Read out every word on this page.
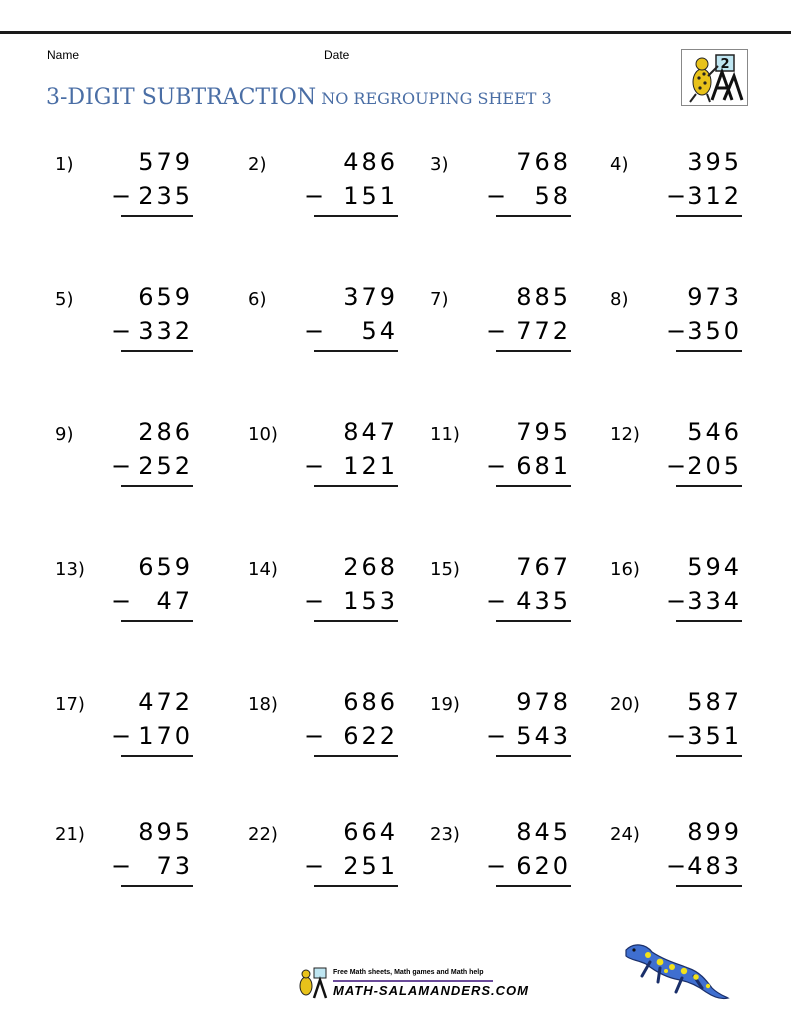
Name	Date
3-DIGIT SUBTRACTION NO REGROUPING SHEET 3
2
1)	579
− 235
2)	486
− 151
3)	768
−	58
4)	395
− 312
5)	659
− 332
6)	379
−	54
7)	885
− 772
8)	973
− 350
9)	286
− 252
10)	847
− 121
11)	795
− 681
12)	546
− 205
13)	659
−	47
14)	268
− 153
15)	767
− 435
16)	594
− 334
17)	472
− 170
18)	686
− 622
19)	978
− 543
20)	587
− 351
21)	895
−	73
22)	664
− 251
23)	845
− 620
24)	899
− 483
Free Math sheets, Math games and Math help
MATH-SALAMANDERS.COM
